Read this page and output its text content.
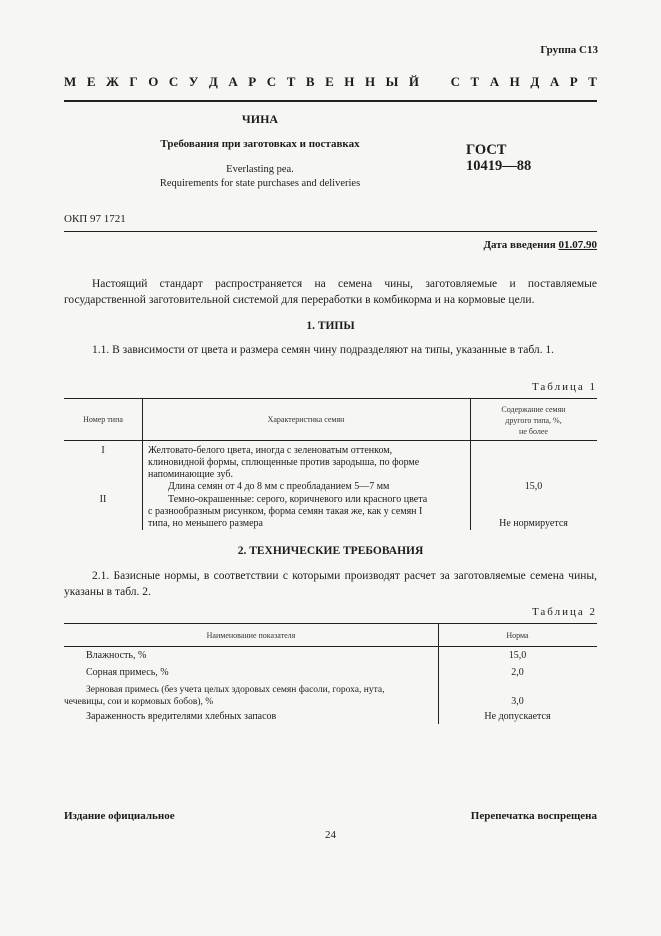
Группа С13
М Е Ж Г О С У Д А Р С Т В Е Н Н Ы Й С Т А Н Д А Р Т
ЧИНА
Требования при заготовках и поставках
Everlasting pea.
Requirements for state purchases and deliveries
ГОСТ
10419—88
ОКП 97 1721
Дата введения 01.07.90
Настоящий стандарт распространяется на семена чины, заготовляемые и поставляемые государственной заготовительной системой для переработки в комбикорма и на кормовые цели.
1. ТИПЫ
1.1. В зависимости от цвета и размера семян чину подразделяют на типы, указанные в табл. 1.
Таблица 1
Номер типа	Характеристика семян
Содержание семян
другого типа, %,
не более
I	Желтовато-белого цвета, иногда с зеленоватым оттенком,
клиновидной формы, сплющенные против зародыша, по форме
напоминающие зуб.
Длина семян от 4 до 8 мм с преобладанием 5—7 мм	15,0
II	Темно-окрашенные: серого, коричневого или красного цвета
с разнообразным рисунком, форма семян такая же, как у семян I
типа, но меньшего размера	Не нормируется
2. ТЕХНИЧЕСКИЕ ТРЕБОВАНИЯ
2.1. Базисные нормы, в соответствии с которыми производят расчет за заготовляемые семена чины, указаны в табл. 2.
Таблица 2
Наименование показателя	Норма
Влажность, %	15,0
Сорная примесь, %	2,0
Зерновая примесь (без учета целых здоровых семян фасоли, гороха, нута,
чечевицы, сои и кормовых бобов), %	3,0
Зараженность вредителями хлебных запасов	Не допускается
Издание официальное	Перепечатка воспрещена
24
